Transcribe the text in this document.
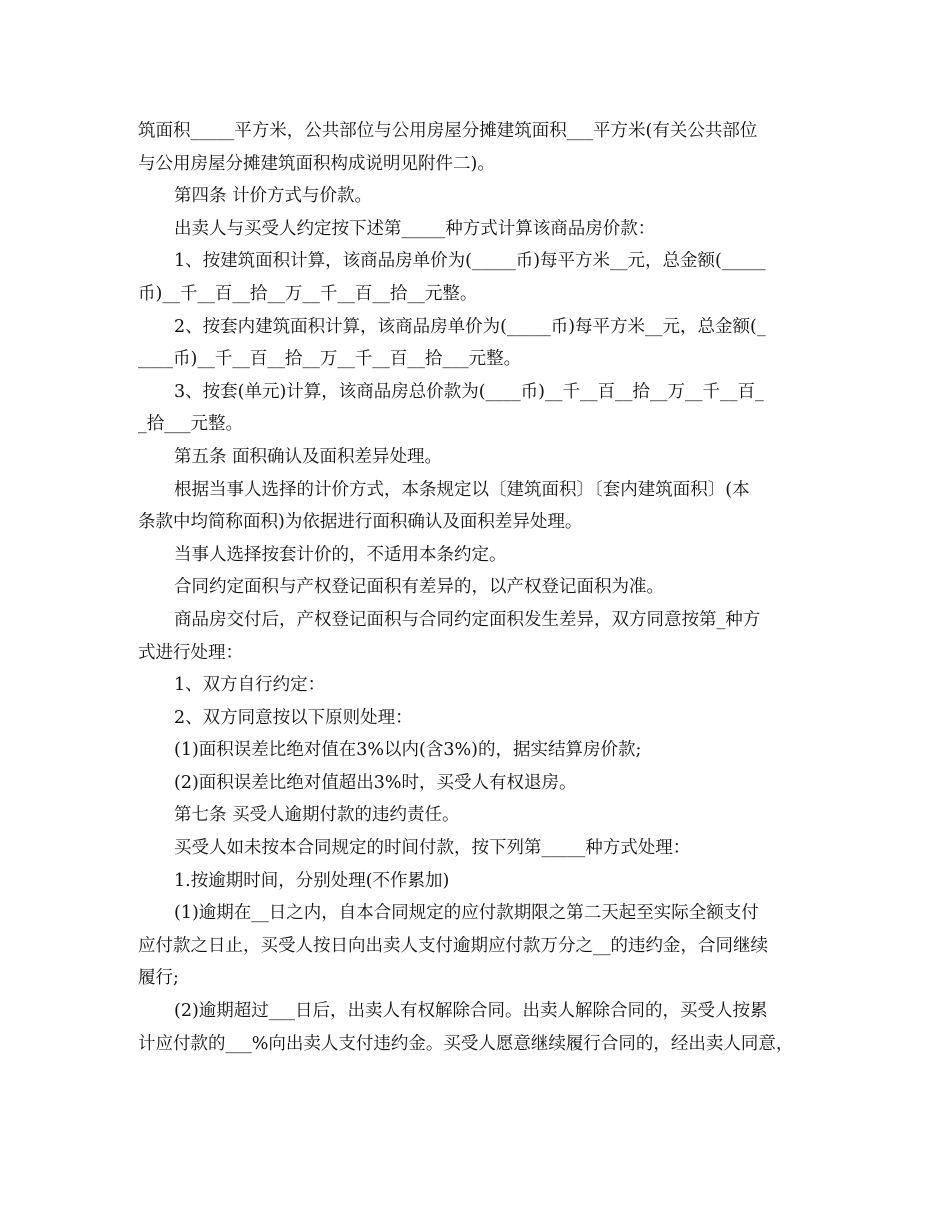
筑面积_____平方米，公共部位与公用房屋分摊建筑面积___平方米(有关公共部位
与公用房屋分摊建筑面积构成说明见附件二)。

第四条 计价方式与价款。

出卖人与买受人约定按下述第_____种方式计算该商品房价款：

1、按建筑面积计算，该商品房单价为(_____币)每平方米__元，总金额(_____

币)__千__百__拾__万__千__百__拾__元整。

2、按套内建筑面积计算，该商品房单价为(_____币)每平方米__元，总金额(_

____币)__千__百__拾__万__千__百__拾___元整。

3、按套(单元)计算，该商品房总价款为(____币)__千__百__拾__万__千__百_

_拾___元整。

第五条 面积确认及面积差异处理。

根据当事人选择的计价方式，本条规定以〔建筑面积〕〔套内建筑面积〕(本

条款中均简称面积)为依据进行面积确认及面积差异处理。

当事人选择按套计价的，不适用本条约定。

合同约定面积与产权登记面积有差异的，以产权登记面积为准。

商品房交付后，产权登记面积与合同约定面积发生差异，双方同意按第_种方

式进行处理：

1、双方自行约定：

2、双方同意按以下原则处理：

(1)面积误差比绝对值在3%以内(含3%)的，据实结算房价款;

(2)面积误差比绝对值超出3%时，买受人有权退房。

第七条 买受人逾期付款的违约责任。

买受人如未按本合同规定的时间付款，按下列第_____种方式处理：

1.按逾期时间，分别处理(不作累加)

(1)逾期在__日之内，自本合同规定的应付款期限之第二天起至实际全额支付

应付款之日止，买受人按日向出卖人支付逾期应付款万分之__的违约金，合同继续
履行;

(2)逾期超过___日后，出卖人有权解除合同。出卖人解除合同的，买受人按累

计应付款的___%向出卖人支付违约金。买受人愿意继续履行合同的，经出卖人同意，
